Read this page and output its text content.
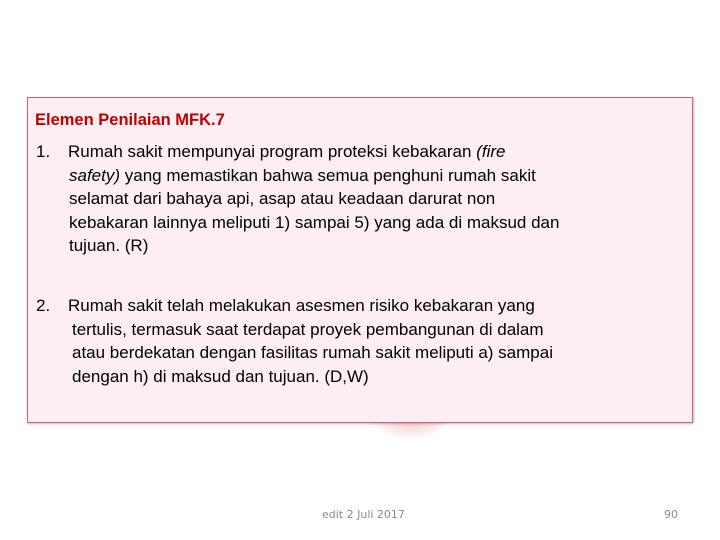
Elemen Penilaian MFK.7
1. Rumah sakit mempunyai program proteksi kebakaran (fire
safety) yang memastikan bahwa semua penghuni rumah sakit
selamat dari bahaya api, asap atau keadaan darurat non
kebakaran lainnya meliputi 1) sampai 5) yang ada di maksud dan
tujuan. (R)
2. Rumah sakit telah melakukan asesmen risiko kebakaran yang
tertulis, termasuk saat terdapat proyek pembangunan di dalam
atau berdekatan dengan fasilitas rumah sakit meliputi a) sampai
dengan h) di maksud dan tujuan. (D,W)
edit 2 Juli 2017	90
